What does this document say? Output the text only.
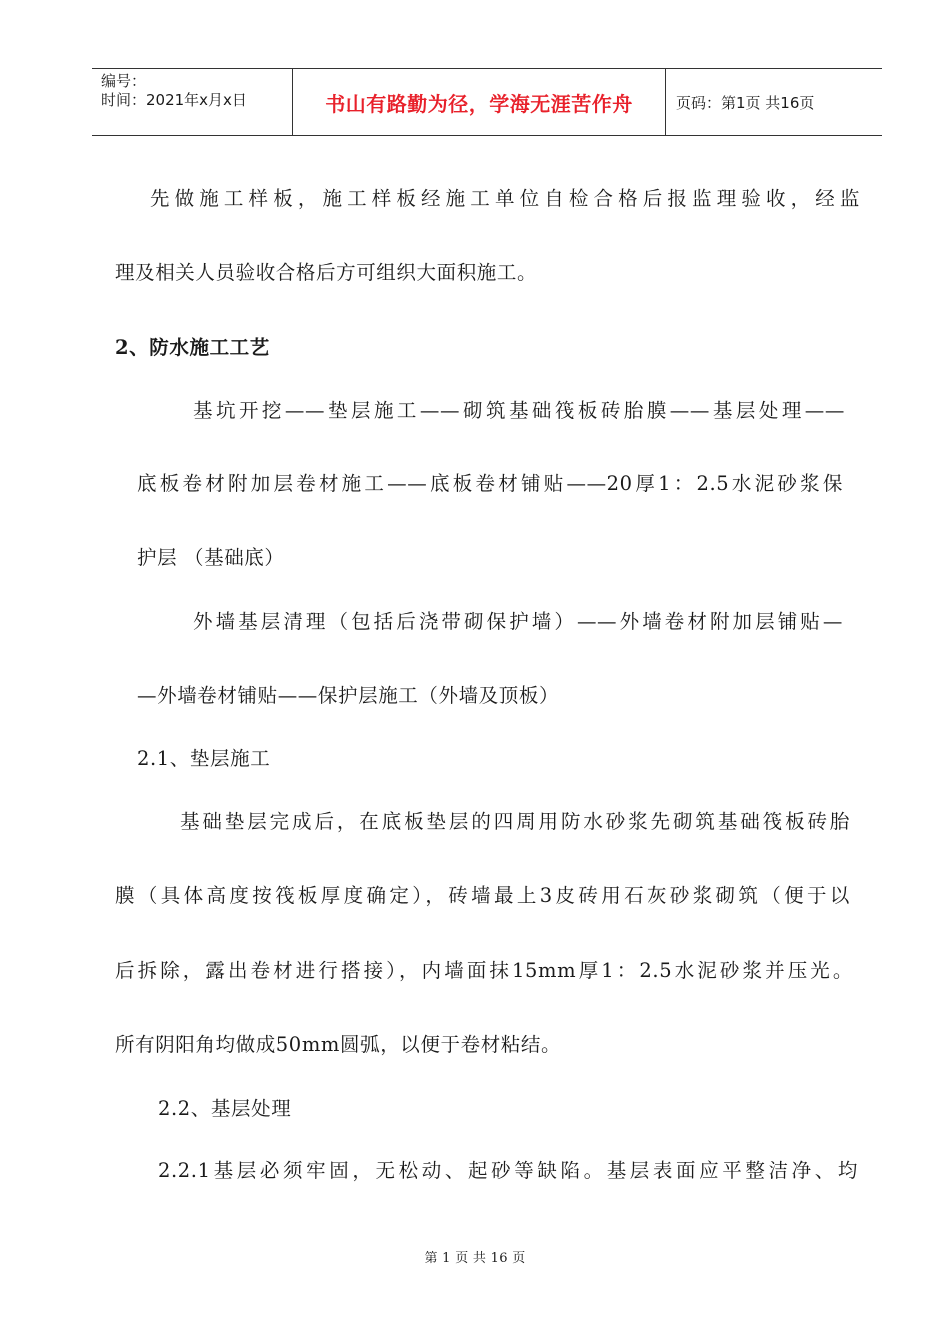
编号：
时间：2021年x月x日	书山有路勤为径，学海无涯苦作舟	页码：第1页 共16页
先做施工样板，施工样板经施工单位自检合格后报监理验收，经监
理及相关人员验收合格后方可组织大面积施工。
2、防水施工工艺
基坑开挖——垫层施工——砌筑基础筏板砖胎膜——基层处理——
底板卷材附加层卷材施工——底板卷材铺贴——20厚1：2.5水泥砂浆保
护层 （基础底）
外墙基层清理（包括后浇带砌保护墙）——外墙卷材附加层铺贴—
—外墙卷材铺贴——保护层施工（外墙及顶板）
2.1、垫层施工
基础垫层完成后，在底板垫层的四周用防水砂浆先砌筑基础筏板砖胎
膜（具体高度按筏板厚度确定），砖墙最上3皮砖用石灰砂浆砌筑（便于以
后拆除，露出卷材进行搭接），内墙面抹15mm厚1：2.5水泥砂浆并压光。
所有阴阳角均做成50mm圆弧，以便于卷材粘结。
2.2、基层处理
2.2.1基层必须牢固，无松动、起砂等缺陷。基层表面应平整洁净、均
第 1 页 共 16 页
